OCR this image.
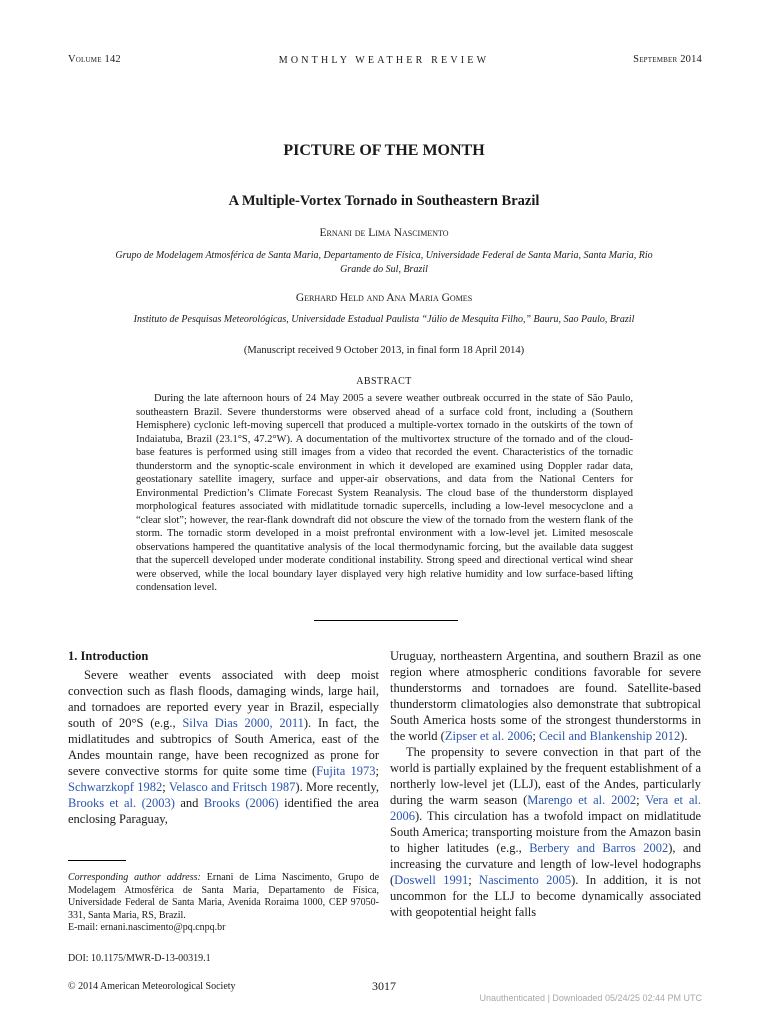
Volume 142	MONTHLY WEATHER REVIEW	September 2014
PICTURE OF THE MONTH
A Multiple-Vortex Tornado in Southeastern Brazil
Ernani de Lima Nascimento
Grupo de Modelagem Atmosférica de Santa Maria, Departamento de Física, Universidade Federal de Santa Maria, Santa Maria, Rio Grande do Sul, Brazil
Gerhard Held and Ana Maria Gomes
Instituto de Pesquisas Meteorológicas, Universidade Estadual Paulista “Júlio de Mesquita Filho,” Bauru, Sao Paulo, Brazil
(Manuscript received 9 October 2013, in final form 18 April 2014)
ABSTRACT
During the late afternoon hours of 24 May 2005 a severe weather outbreak occurred in the state of São Paulo, southeastern Brazil. Severe thunderstorms were observed ahead of a surface cold front, including a (Southern Hemisphere) cyclonic left-moving supercell that produced a multiple-vortex tornado in the outskirts of the town of Indaiatuba, Brazil (23.1°S, 47.2°W). A documentation of the multivortex structure of the tornado and of the cloud-base features is performed using still images from a video that recorded the event. Characteristics of the tornadic thunderstorm and the synoptic-scale environment in which it developed are examined using Doppler radar data, geostationary satellite imagery, surface and upper-air observations, and data from the National Centers for Environmental Prediction’s Climate Forecast System Reanalysis. The cloud base of the thunderstorm displayed morphological features associated with midlatitude tornadic supercells, including a low-level mesocyclone and a “clear slot”; however, the rear-flank downdraft did not obscure the view of the tornado from the western flank of the storm. The tornadic storm developed in a moist prefrontal environment with a low-level jet. Limited mesoscale observations hampered the quantitative analysis of the local thermodynamic forcing, but the available data suggest that the supercell developed under moderate conditional instability. Strong speed and directional vertical wind shear were observed, while the local boundary layer displayed very high relative humidity and low surface-based lifting condensation level.
1. Introduction

Severe weather events associated with deep moist convection such as flash floods, damaging winds, large hail, and tornadoes are reported every year in Brazil, especially south of 20°S (e.g., Silva Dias 2000, 2011). In fact, the midlatitudes and subtropics of South America, east of the Andes mountain range, have been recognized as prone for severe convective storms for quite some time (Fujita 1973; Schwarzkopf 1982; Velasco and Fritsch 1987). More recently, Brooks et al. (2003) and Brooks (2006) identified the area enclosing Paraguay,

Uruguay, northeastern Argentina, and southern Brazil as one region where atmospheric conditions favorable for severe thunderstorms and tornadoes are found. Satellite-based thunderstorm climatologies also demonstrate that subtropical South America hosts some of the strongest thunderstorms in the world (Zipser et al. 2006; Cecil and Blankenship 2012).

The propensity to severe convection in that part of the world is partially explained by the frequent establishment of a northerly low-level jet (LLJ), east of the Andes, particularly during the warm season (Marengo et al. 2002; Vera et al. 2006). This circulation has a twofold impact on midlatitude South America; transporting moisture from the Amazon basin to higher latitudes (e.g., Berbery and Barros 2002), and increasing the curvature and length of low-level hodographs (Doswell 1991; Nascimento 2005). In addition, it is not uncommon for the LLJ to become dynamically associated with geopotential height falls

Corresponding author address: Ernani de Lima Nascimento, Grupo de Modelagem Atmosférica de Santa Maria, Departamento de Física, Universidade Federal de Santa Maria, Avenida Roraima 1000, CEP 97050-331, Santa Maria, RS, Brazil.
E-mail: ernani.nascimento@pq.cnpq.br
DOI: 10.1175/MWR-D-13-00319.1
© 2014 American Meteorological Society	3017
Unauthenticated | Downloaded 05/24/25 02:44 PM UTC
